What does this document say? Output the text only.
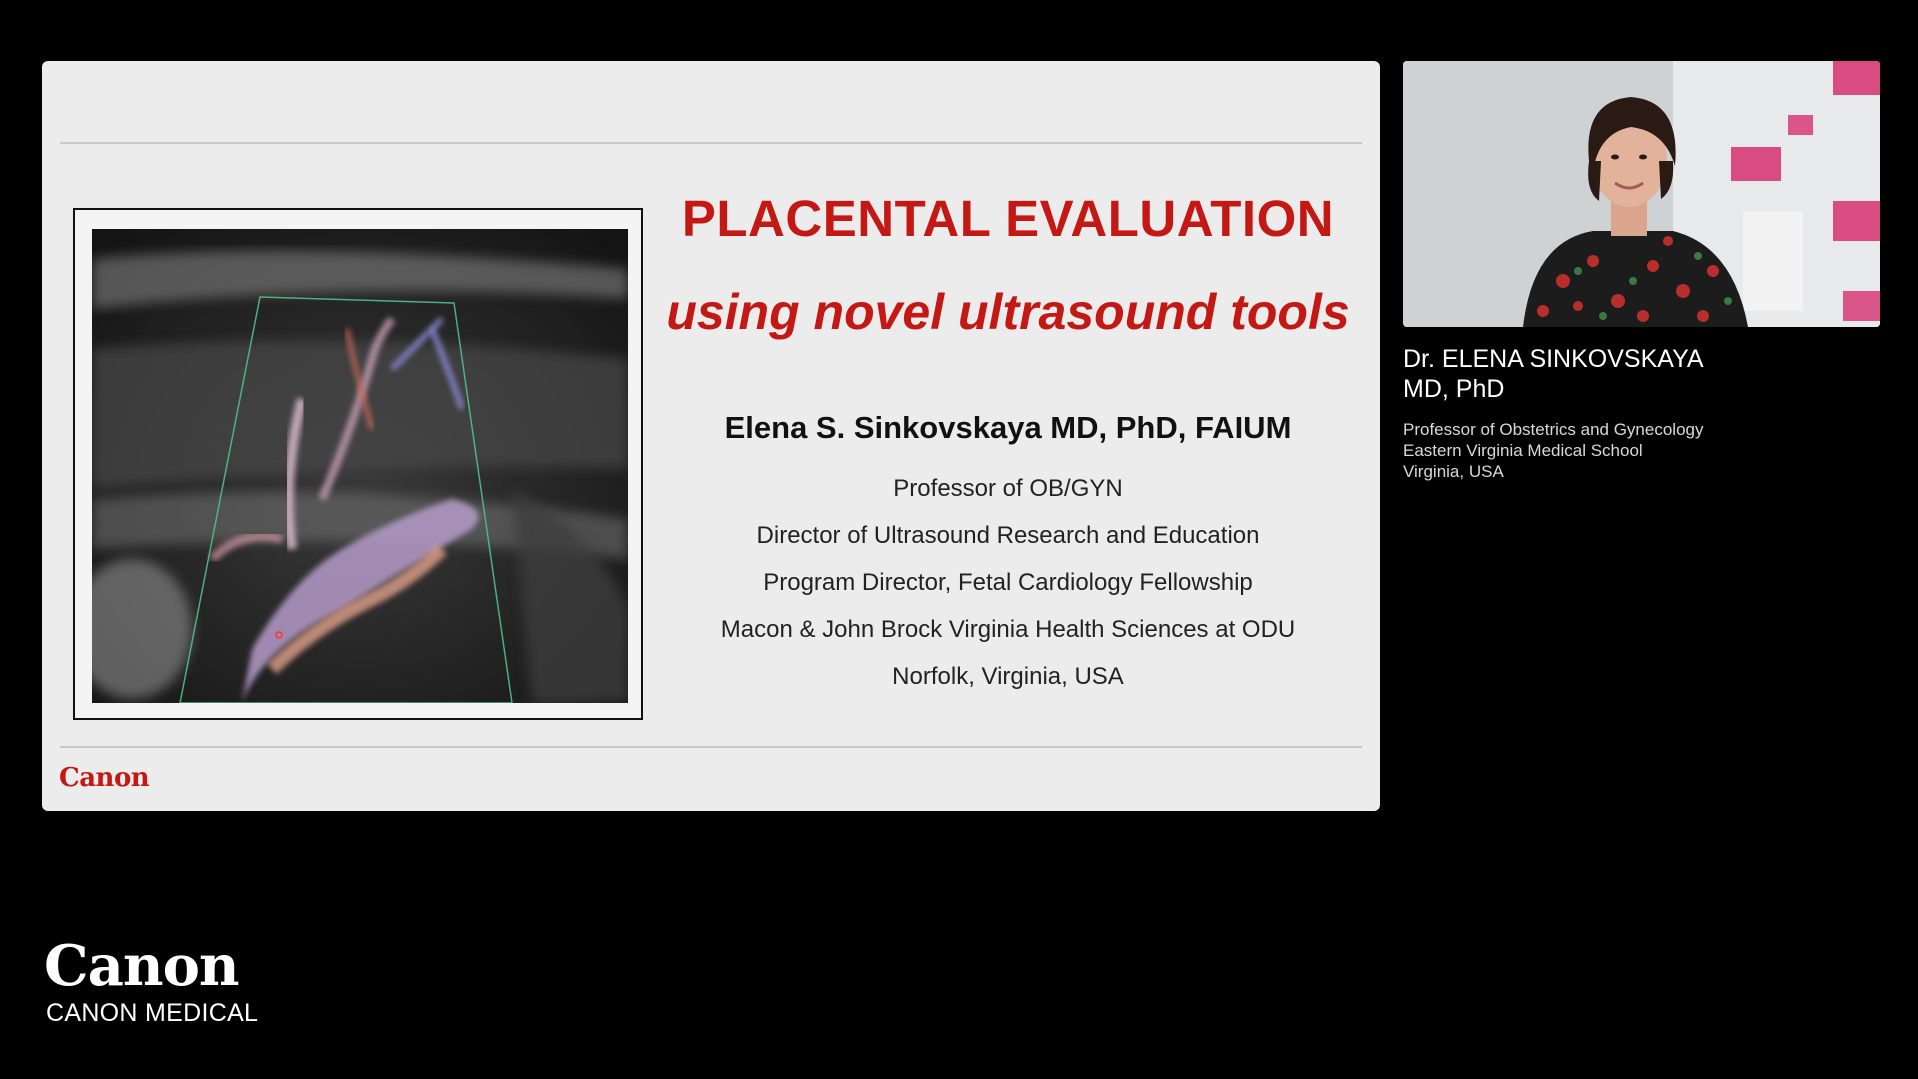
PLACENTAL EVALUATION
using novel ultrasound tools
Elena S. Sinkovskaya MD, PhD, FAIUM
Professor of OB/GYN
Director of Ultrasound Research and Education
Program Director, Fetal Cardiology Fellowship
Macon & John Brock Virginia Health Sciences at ODU
Norfolk, Virginia, USA
Canon
Dr. ELENA SINKOVSKAYA
MD, PhD
Professor of Obstetrics and Gynecology
Eastern Virginia Medical School
Virginia, USA
Canon
CANON MEDICAL
